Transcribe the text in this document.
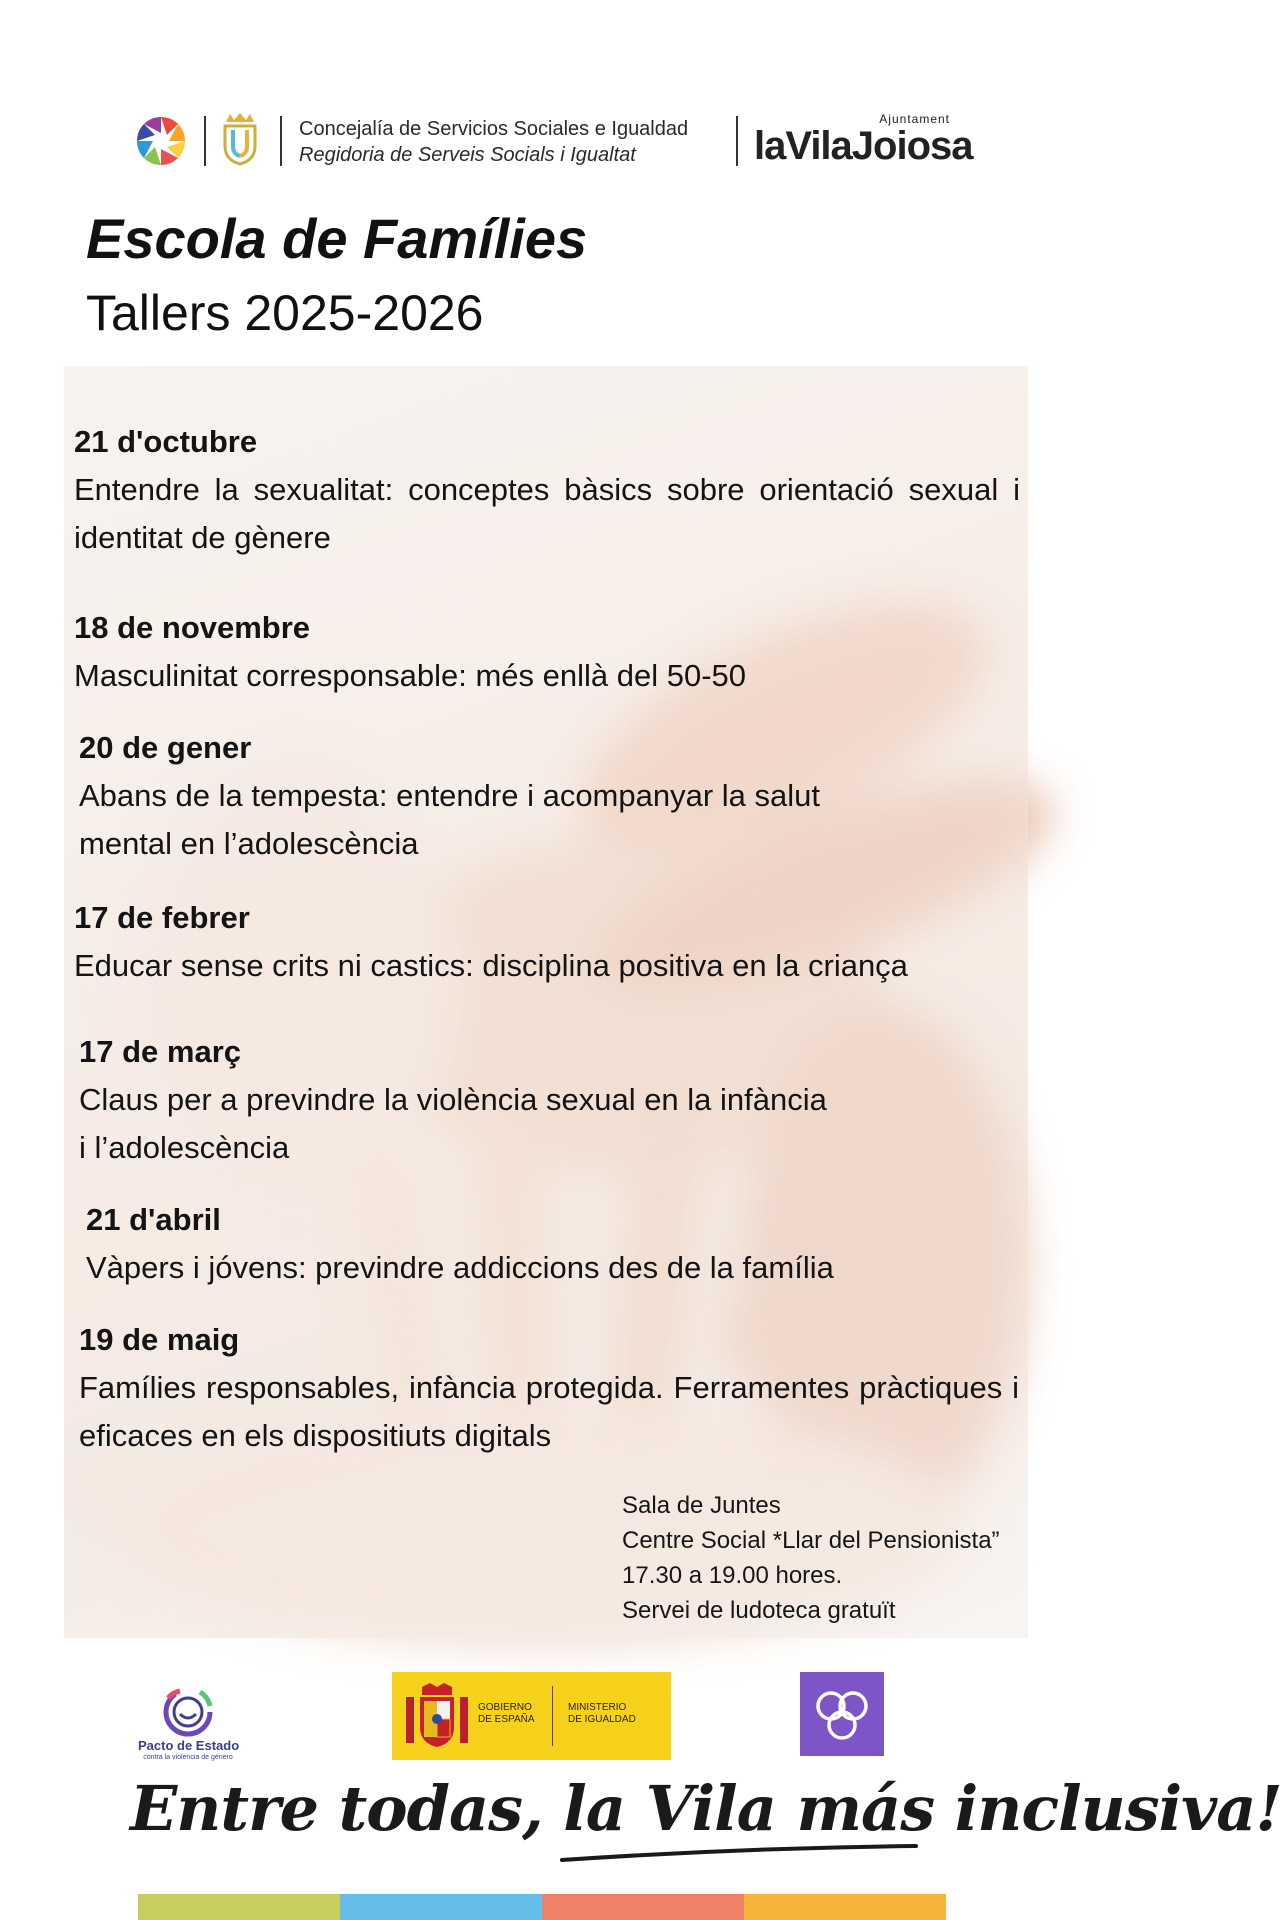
Concejalía de Servicios Sociales e Igualdad
Regidoria de Serveis Socials i Igualtat
Ajuntament
laVilaJoiosa
Escola de Famílies
Tallers 2025-2026
21 d'octubre
Entendre la sexualitat: conceptes bàsics sobre orientació sexual i identitat de gènere
18 de novembre
Masculinitat corresponsable: més enllà del 50-50
20 de gener
Abans de la tempesta: entendre i acompanyar la salut
mental en l’adolescència
17 de febrer
Educar sense crits ni castics: disciplina positiva en la criança
17 de març
Claus per a previndre la violència sexual en la infància
i l’adolescència
21 d'abril
Vàpers i jóvens: previndre addiccions des de la família
19 de maig
Famílies responsables, infància protegida. Ferramentes pràctiques i eficaces en els dispositiuts digitals
Sala de Juntes
Centre Social *Llar del Pensionista”
17.30 a 19.00 hores.
Servei de ludoteca gratuït
Pacto de Estado
contra la violencia de género
GOBIERNO
DE ESPAÑA
MINISTERIO
DE IGUALDAD
Entre todas, la Vila más inclusiva!
